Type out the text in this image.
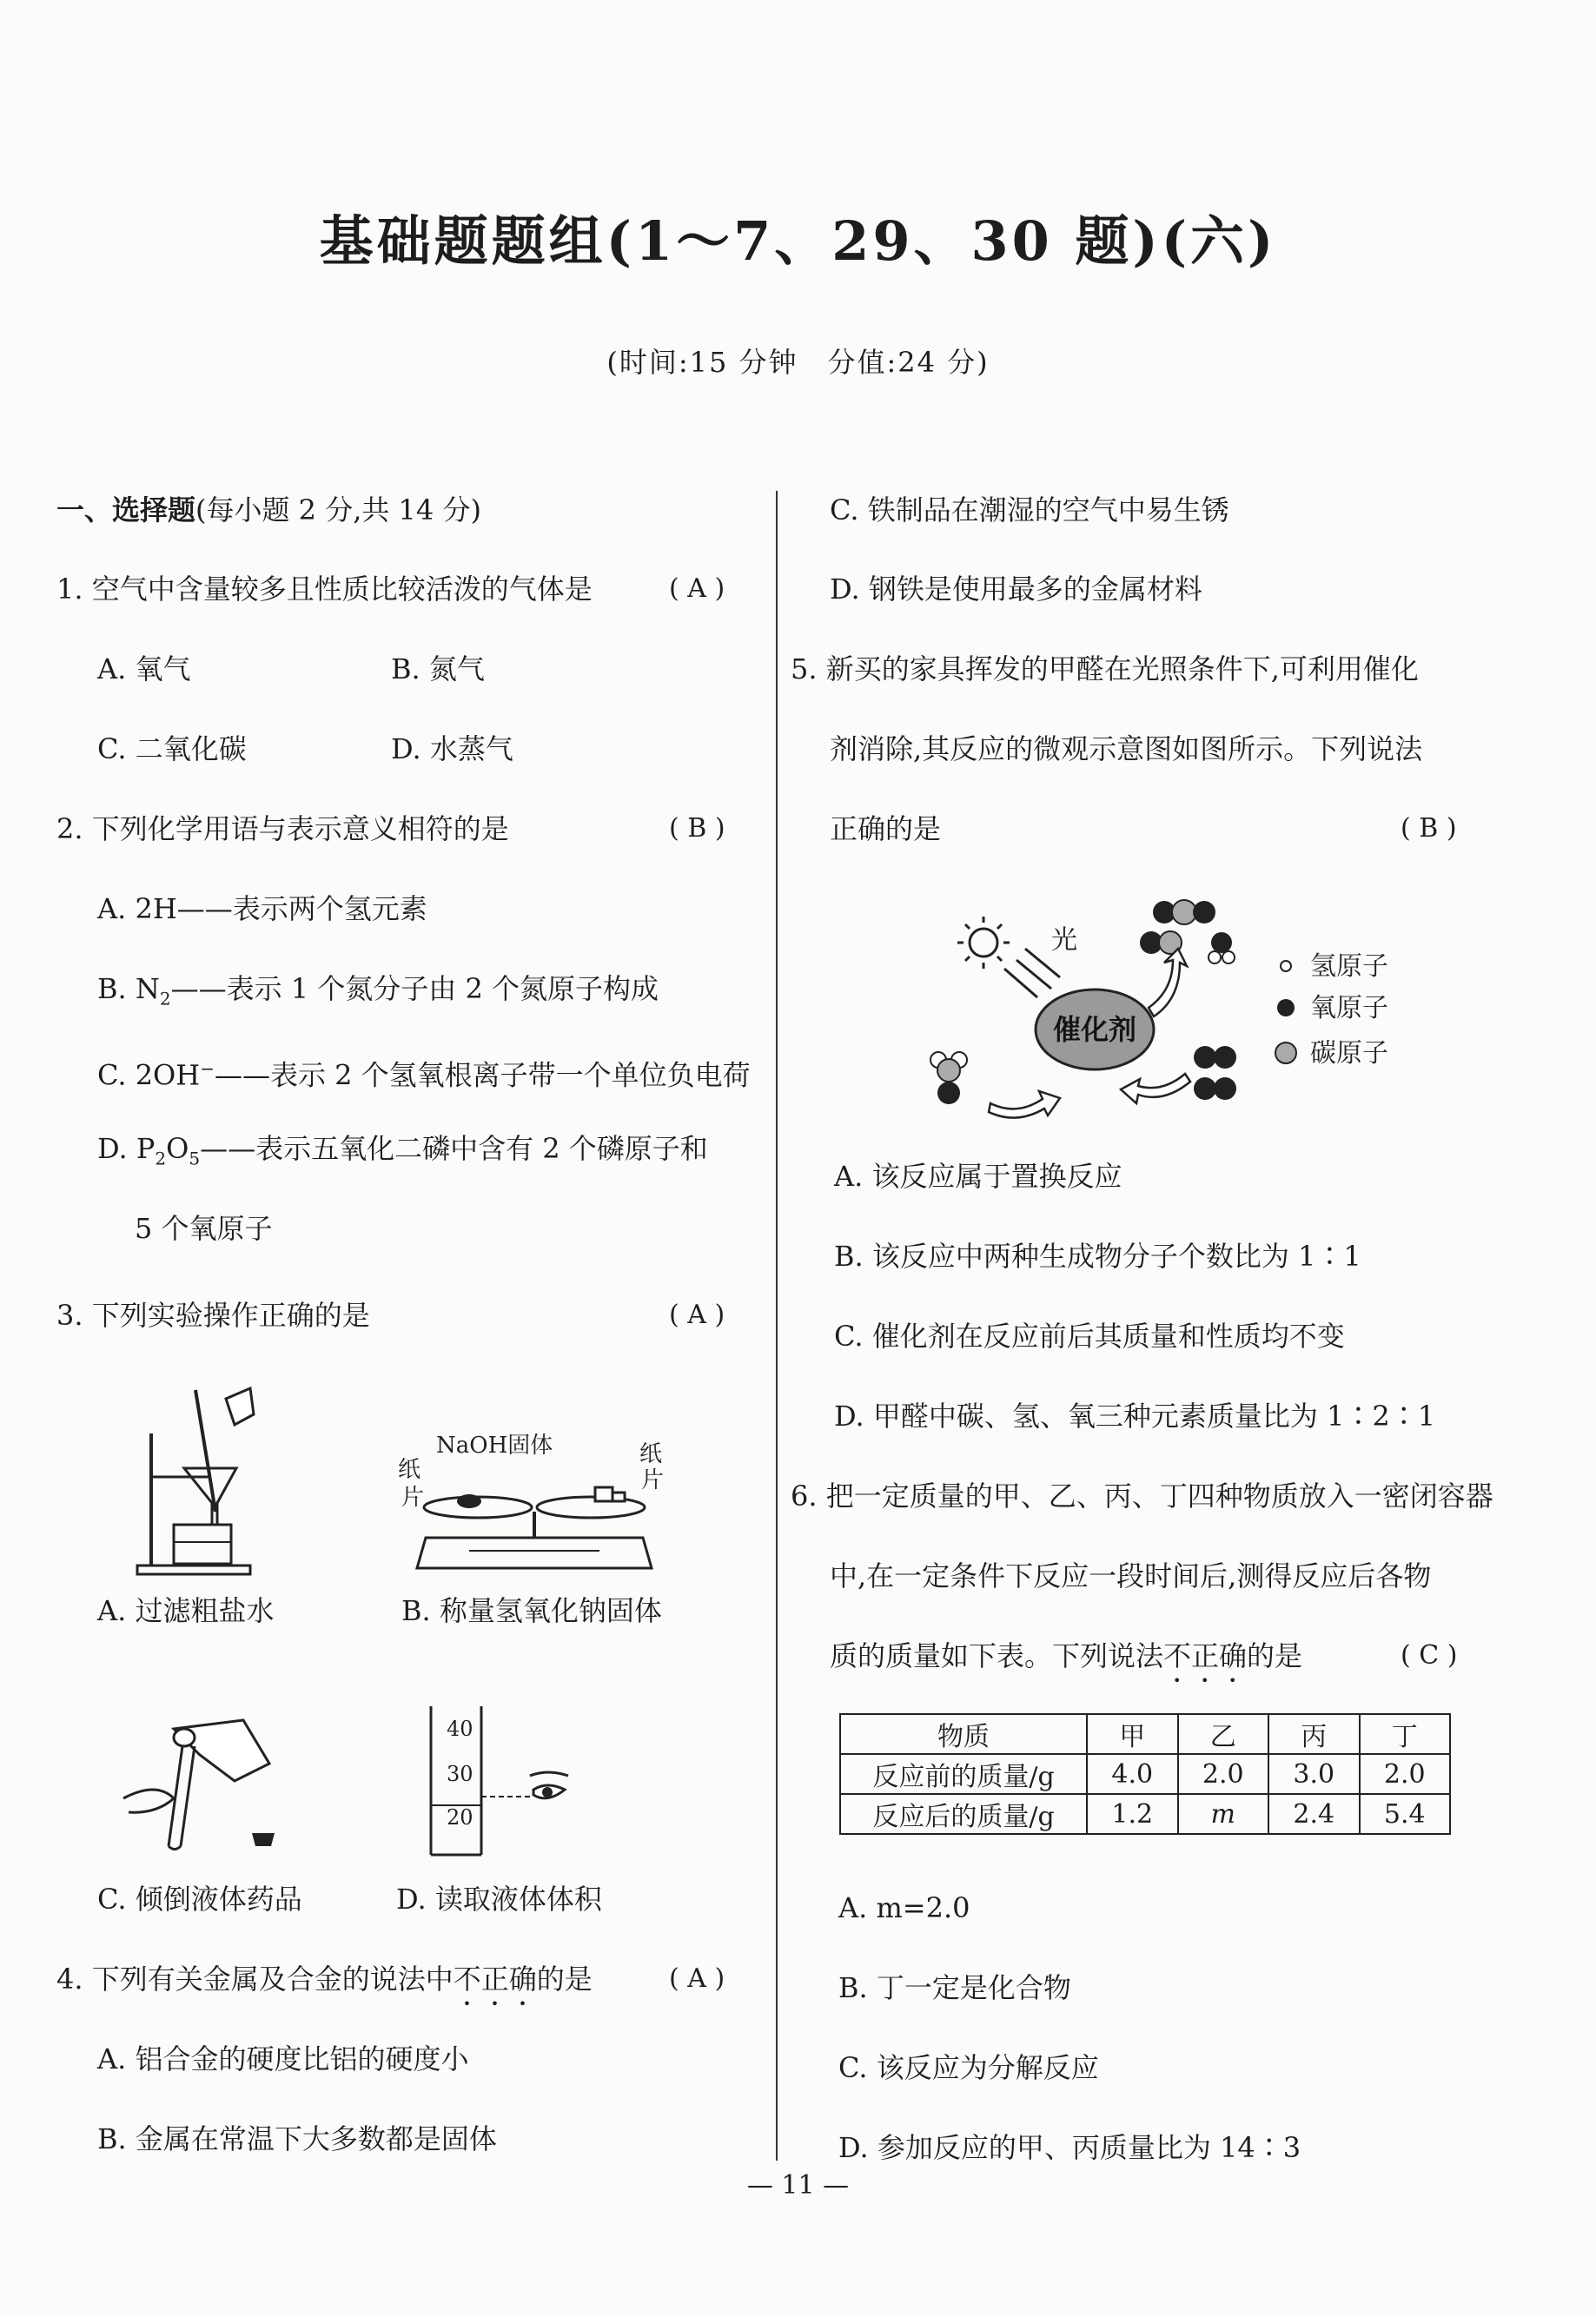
基础题题组(1～7、29、30 题)(六)
(时间:15 分钟　分值:24 分)
一、选择题(每小题 2 分,共 14 分)
1. 空气中含量较多且性质比较活泼的气体是	( A )
A. 氧气	B. 氮气
C. 二氧化碳	D. 水蒸气
2. 下列化学用语与表示意义相符的是	( B )
A. 2H——表示两个氢元素
B. $N_2——$表示 1 个氮分子由 2 个氮原子构成
C. 2OH−——表示 2 个氢氧根离子带一个单位负电荷
D. $P_2O_5——$表示五氧化二磷中含有 2 个磷原子和
5 个氧原子
3. 下列实验操作正确的是	( A )
A. 过滤粗盐水
NaOH固体
纸
片
纸
片
B. 称量氢氧化钠固体
C. 倾倒液体药品
40
30
20
D. 读取液体体积
4. 下列有关金属及合金的说法中不正确的是	( A )
A. 铝合金的硬度比铝的硬度小
B. 金属在常温下大多数都是固体
C. 铁制品在潮湿的空气中易生锈
D. 钢铁是使用最多的金属材料
5. 新买的家具挥发的甲醛在光照条件下,可利用催化
剂消除,其反应的微观示意图如图所示。下列说法
正确的是	( B )
光
催化剂
氢原子
氧原子
碳原子
A. 该反应属于置换反应
B. 该反应中两种生成物分子个数比为 1∶1
C. 催化剂在反应前后其质量和性质均不变
D. 甲醛中碳、氢、氧三种元素质量比为 1∶2∶1
6. 把一定质量的甲、乙、丙、丁四种物质放入一密闭容器
中,在一定条件下反应一段时间后,测得反应后各物
质的质量如下表。下列说法不正确的是	( C )
物质	甲	乙	丙	丁
反应前的质量/g	4.0	2.0	3.0	2.0
反应后的质量/g	1.2	m	2.4	5.4
A. m=2.0
B. 丁一定是化合物
C. 该反应为分解反应
D. 参加反应的甲、丙质量比为 14∶3
— 11 —
